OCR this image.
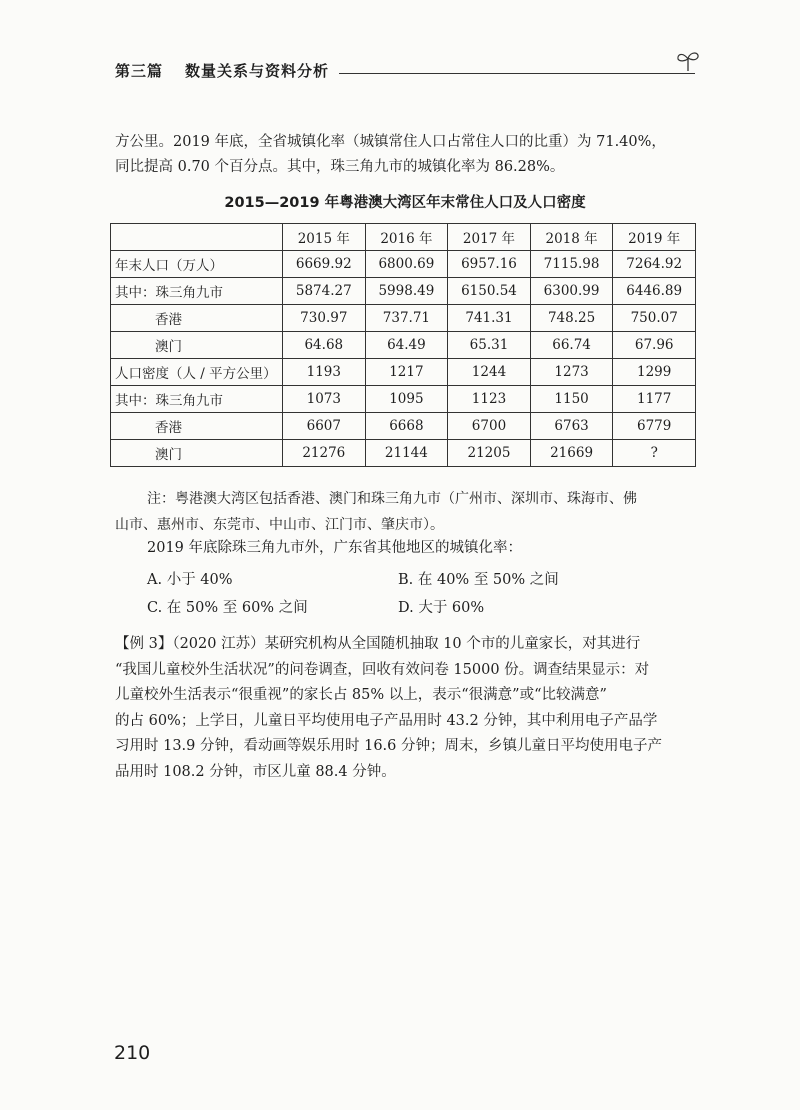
第三篇 数量关系与资料分析
方公里。2019 年底，全省城镇化率（城镇常住人口占常住人口的比重）为 71.40%，
同比提高 0.70 个百分点。其中，珠三角九市的城镇化率为 86.28%。
2015—2019 年粤港澳大湾区年末常住人口及人口密度
	2015 年	2016 年	2017 年	2018 年	2019 年
年末人口（万人）	6669.92	6800.69	6957.16	7115.98	7264.92
其中：珠三角九市	5874.27	5998.49	6150.54	6300.99	6446.89
香港	730.97	737.71	741.31	748.25	750.07
澳门	64.68	64.49	65.31	66.74	67.96
人口密度（人 / 平方公里）	1193	1217	1244	1273	1299
其中：珠三角九市	1073	1095	1123	1150	1177
香港	6607	6668	6700	6763	6779
澳门	21276	21144	21205	21669	?
注：粤港澳大湾区包括香港、澳门和珠三角九市（广州市、深圳市、珠海市、佛
山市、惠州市、东莞市、中山市、江门市、肇庆市）。
2019 年底除珠三角九市外，广东省其他地区的城镇化率：
A. 小于 40%	B. 在 40% 至 50% 之间
C. 在 50% 至 60% 之间	D. 大于 60%
【例 3】（2020 江苏）某研究机构从全国随机抽取 10 个市的儿童家长，对其进行
“我国儿童校外生活状况”的问卷调查，回收有效问卷 15000 份。调查结果显示：对
儿童校外生活表示“很重视”的家长占 85% 以上，表示“很满意”或“比较满意”
的占 60%；上学日，儿童日平均使用电子产品用时 43.2 分钟，其中利用电子产品学
习用时 13.9 分钟，看动画等娱乐用时 16.6 分钟；周末，乡镇儿童日平均使用电子产
品用时 108.2 分钟，市区儿童 88.4 分钟。
210
